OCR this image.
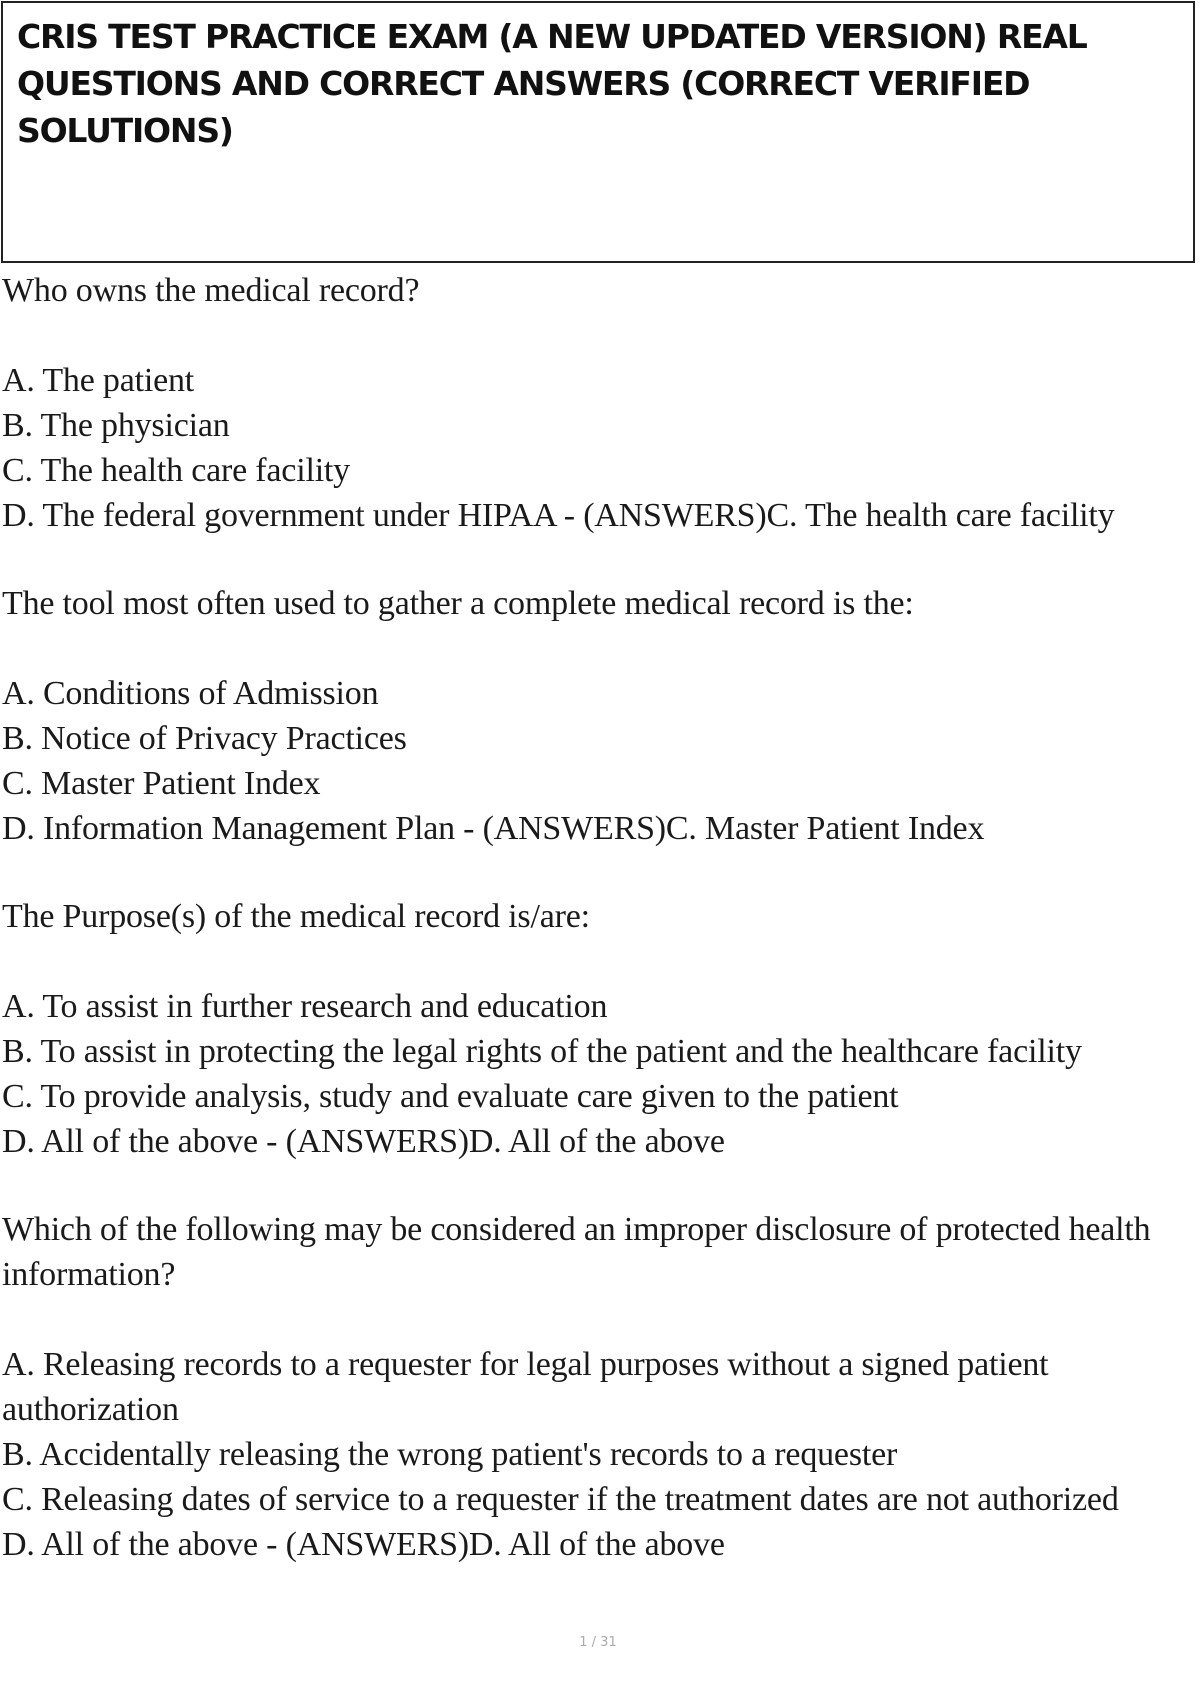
CRIS TEST PRACTICE EXAM (A NEW UPDATED VERSION) REAL QUESTIONS AND CORRECT ANSWERS (CORRECT VERIFIED SOLUTIONS)

Who owns the medical record?
A. The patient
B. The physician
C. The health care facility
D. The federal government under HIPAA - (ANSWERS)C. The health care facility
The tool most often used to gather a complete medical record is the:
A. Conditions of Admission
B. Notice of Privacy Practices
C. Master Patient Index
D. Information Management Plan - (ANSWERS)C. Master Patient Index
The Purpose(s) of the medical record is/are:
A. To assist in further research and education
B. To assist in protecting the legal rights of the patient and the healthcare facility
C. To provide analysis, study and evaluate care given to the patient
D. All of the above - (ANSWERS)D. All of the above
Which of the following may be considered an improper disclosure of protected health information?
A. Releasing records to a requester for legal purposes without a signed patient authorization
B. Accidentally releasing the wrong patient's records to a requester
C. Releasing dates of service to a requester if the treatment dates are not authorized
D. All of the above - (ANSWERS)D. All of the above
1 / 31
